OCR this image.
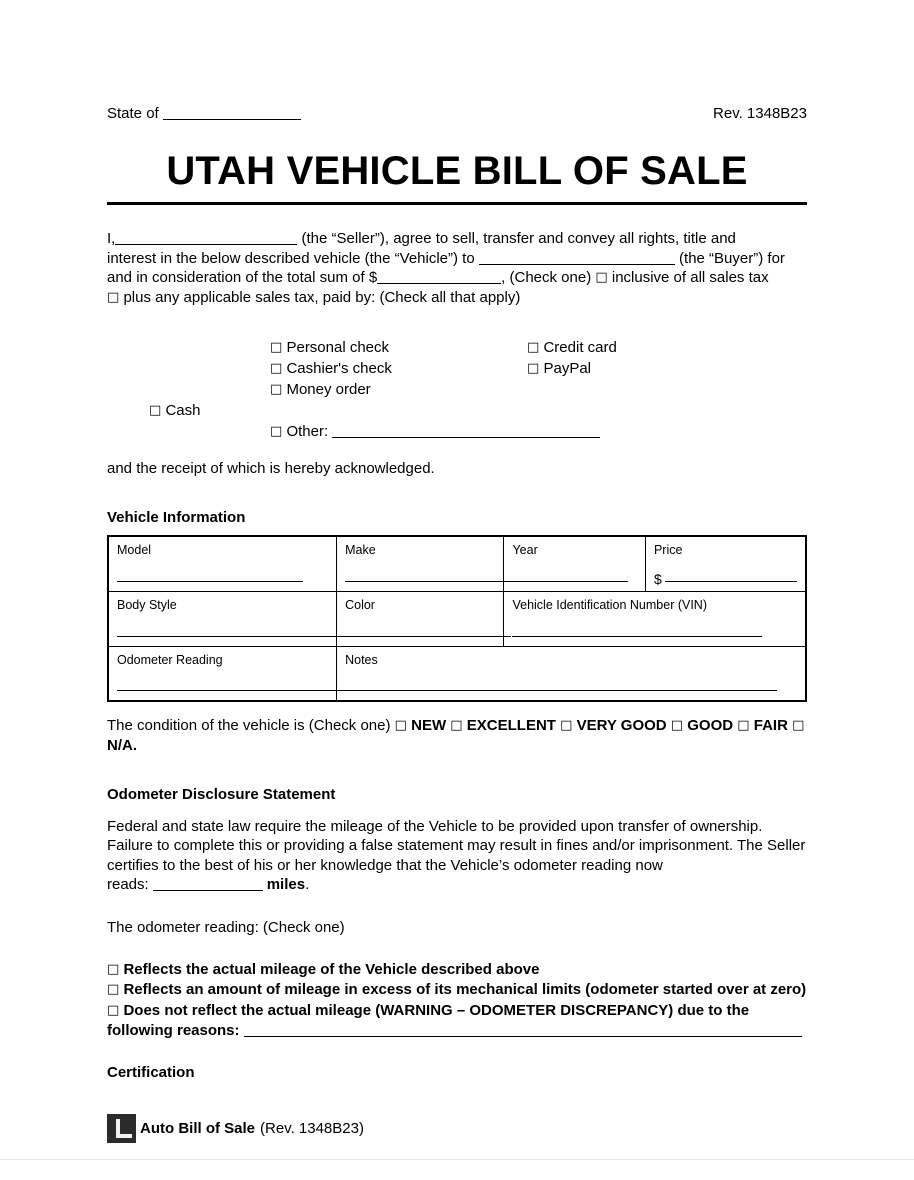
State of	Rev. 1348B23
UTAH VEHICLE BILL OF SALE
I,	(the “Seller”), agree to sell, transfer and convey all rights, title and
interest in the below described vehicle (the “Vehicle”) to	(the “Buyer”) for
and in consideration of the total sum of $	, (Check one) □ inclusive of all sales tax
□ plus any applicable sales tax, paid by: (Check all that apply)
□ Cash
□ Personal check
□ Cashier's check
□ Money order
□ Credit card
□ PayPal
□ Other:
and the receipt of which is hereby acknowledged.
Vehicle Information
Model	Make	Year	Price
$

Body Style	Color	Vehicle Identification Number (VIN)	

Odometer Reading	Notes		
The condition of the vehicle is (Check one) □ NEW □ EXCELLENT □ VERY GOOD □ GOOD □ FAIR □ N/A.
Odometer Disclosure Statement
Federal and state law require the mileage of the Vehicle to be provided upon transfer of ownership.
Failure to complete this or providing a false statement may result in fines and/or imprisonment. The Seller
certifies to the best of his or her knowledge that the Vehicle’s odometer reading now
reads:	miles.
The odometer reading: (Check one)
□ Reflects the actual mileage of the Vehicle described above
□ Reflects an amount of mileage in excess of its mechanical limits (odometer started over at zero)
□ Does not reflect the actual mileage (WARNING – ODOMETER DISCREPANCY) due to the
following reasons:
Certification
Auto Bill of Sale (Rev. 1348B23)
